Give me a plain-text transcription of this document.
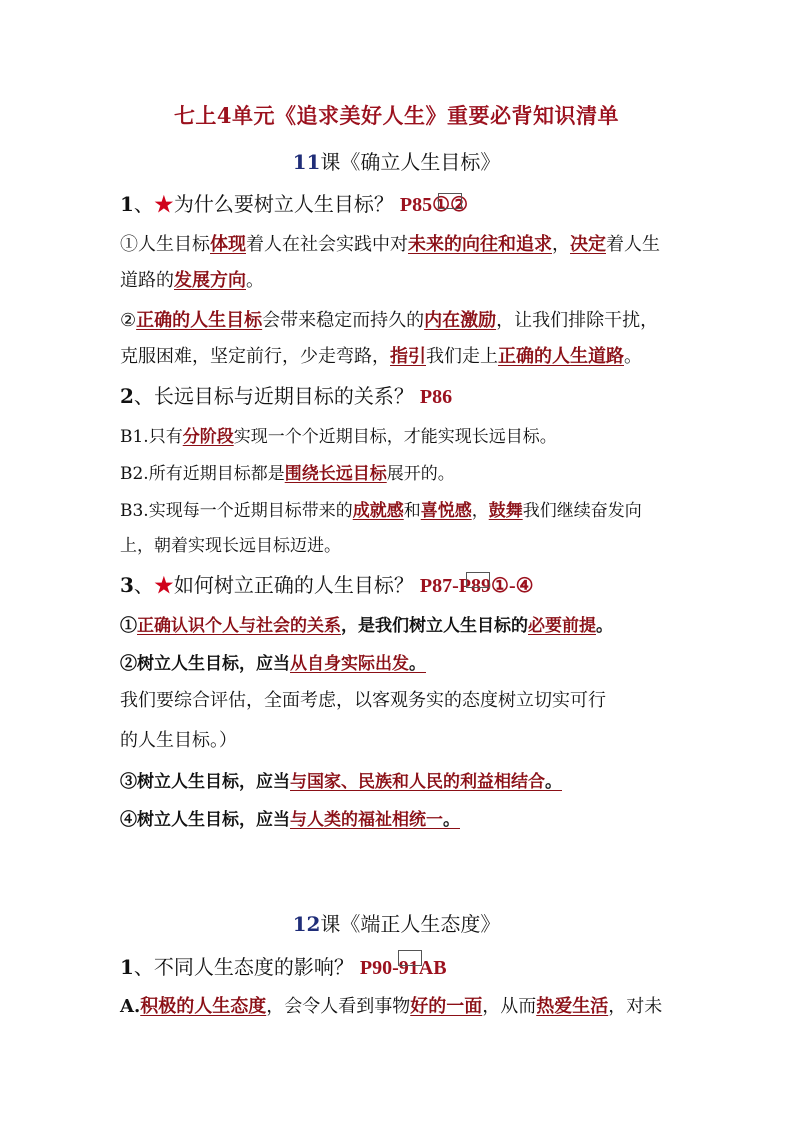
七上4单元《追求美好人生》重要必背知识清单
11课《确立人生目标》
1、★为什么要树立人生目标？ P85①②
①人生目标体现着人在社会实践中对未来的向往和追求，决定着人生
道路的发展方向。
②正确的人生目标会带来稳定而持久的内在激励，让我们排除干扰，
克服困难，坚定前行，少走弯路，指引我们走上正确的人生道路。
2、长远目标与近期目标的关系？ P86
B1.只有分阶段实现一个个近期目标，才能实现长远目标。
B2.所有近期目标都是围绕长远目标展开的。
B3.实现每一个近期目标带来的成就感和喜悦感，鼓舞我们继续奋发向
上，朝着实现长远目标迈进。
3、★如何树立正确的人生目标？ P87-P89①-④
①正确认识个人与社会的关系，是我们树立人生目标的必要前提。
②树立人生目标，应当从自身实际出发。
我们要综合评估，全面考虑，以客观务实的态度树立切实可行
的人生目标。）
③树立人生目标，应当与国家、民族和人民的利益相结合。
④树立人生目标，应当与人类的福祉相统一。
12课《端正人生态度》
1、不同人生态度的影响？ P90-91AB
A.积极的人生态度，会令人看到事物好的一面，从而热爱生活，对未
